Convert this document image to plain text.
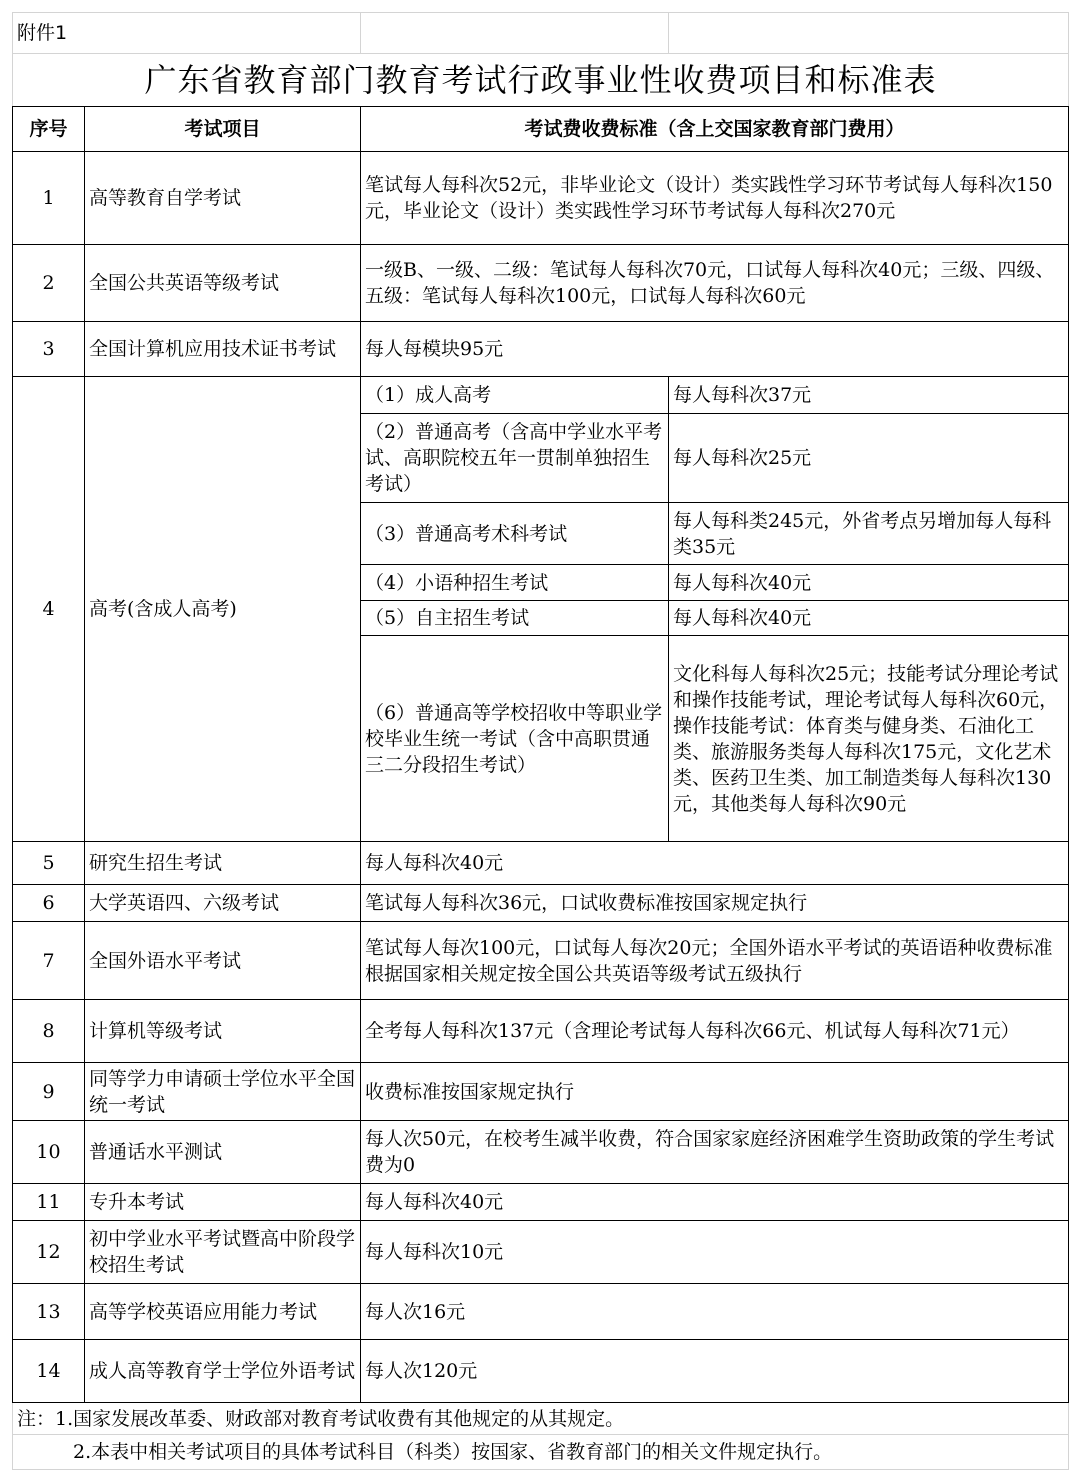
附件1			
广东省教育部门教育考试行政事业性收费项目和标准表			
序号	考试项目	考试费收费标准（含上交国家教育部门费用）	
1	高等教育自学考试	笔试每人每科次52元，非毕业论文（设计）类实践性学习环节考试每人每科次150元，毕业论文（设计）类实践性学习环节考试每人每科次270元	
2	全国公共英语等级考试	一级B、一级、二级：笔试每人每科次70元，口试每人每科次40元；三级、四级、五级：笔试每人每科次100元，口试每人每科次60元	
3	全国计算机应用技术证书考试	每人每模块95元	
4	高考(含成人高考)	（1）成人高考	每人每科次37元
		（2）普通高考（含高中学业水平考试、高职院校五年一贯制单独招生考试）	每人每科次25元
		（3）普通高考术科考试	每人每科类245元，外省考点另增加每人每科类35元
		（4）小语种招生考试	每人每科次40元
		（5）自主招生考试	每人每科次40元
		（6）普通高等学校招收中等职业学校毕业生统一考试（含中高职贯通三二分段招生考试）	文化科每人每科次25元；技能考试分理论考试和操作技能考试，理论考试每人每科次60元，操作技能考试：体育类与健身类、石油化工类、旅游服务类每人每科次175元，文化艺术类、医药卫生类、加工制造类每人每科次130元，其他类每人每科次90元
5	研究生招生考试	每人每科次40元	
6	大学英语四、六级考试	笔试每人每科次36元，口试收费标准按国家规定执行	
7	全国外语水平考试	笔试每人每次100元，口试每人每次20元；全国外语水平考试的英语语种收费标准根据国家相关规定按全国公共英语等级考试五级执行	
8	计算机等级考试	全考每人每科次137元（含理论考试每人每科次66元、机试每人每科次71元）	
9	同等学力申请硕士学位水平全国统一考试	收费标准按国家规定执行	
10	普通话水平测试	每人次50元，在校考生减半收费，符合国家家庭经济困难学生资助政策的学生考试费为0	
11	专升本考试	每人每科次40元	
12	初中学业水平考试暨高中阶段学校招生考试	每人每科次10元	
13	高等学校英语应用能力考试	每人次16元	
14	成人高等教育学士学位外语考试	每人次120元	
注：1.国家发展改革委、财政部对教育考试收费有其他规定的从其规定。			
2.本表中相关考试项目的具体考试科目（科类）按国家、省教育部门的相关文件规定执行。			
